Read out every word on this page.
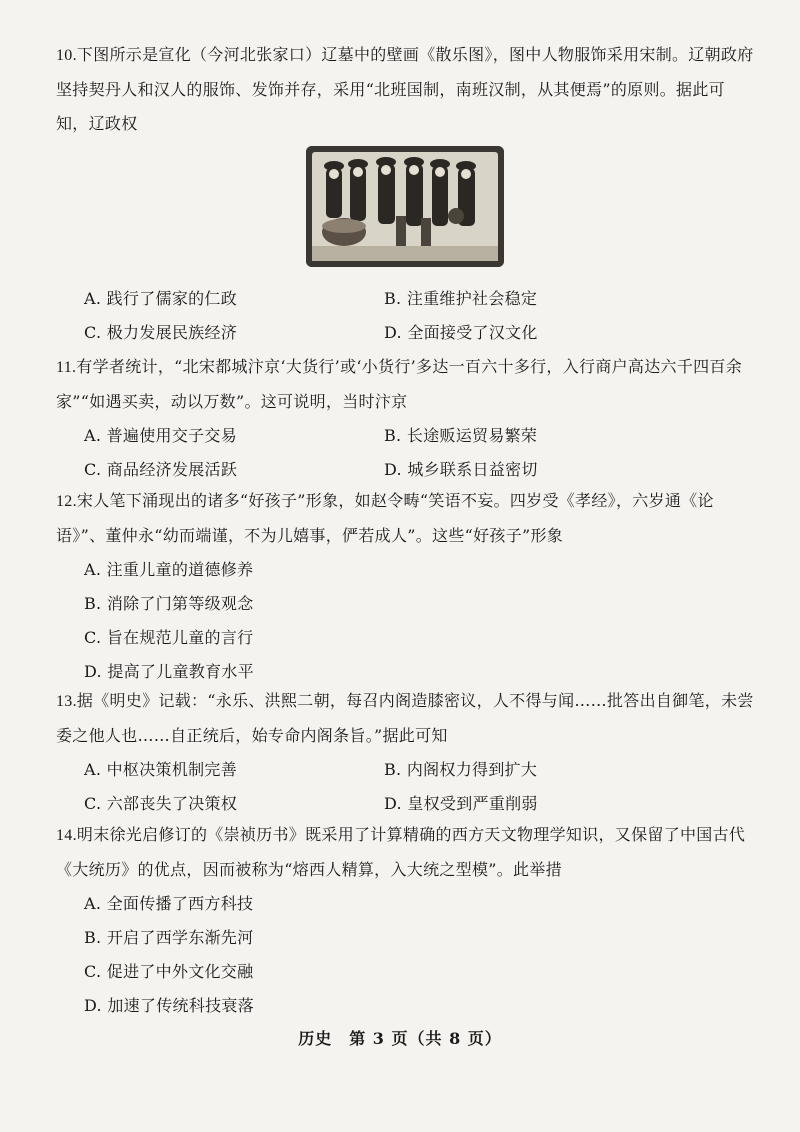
10.下图所示是宣化（今河北张家口）辽墓中的壁画《散乐图》，图中人物服饰采用宋制。辽朝政府坚持契丹人和汉人的服饰、发饰并存，采用“北班国制，南班汉制，从其便焉”的原则。据此可知，辽政权

A. 践行了儒家的仁政	B. 注重维护社会稳定
C. 极力发展民族经济	D. 全面接受了汉文化

11.有学者统计，“北宋都城汴京‘大货行’或‘小货行’多达一百六十多行，入行商户高达六千四百余家”“如遇买卖，动以万数”。这可说明，当时汴京

A. 普遍使用交子交易	B. 长途贩运贸易繁荣
C. 商品经济发展活跃	D. 城乡联系日益密切

12.宋人笔下涌现出的诸多“好孩子”形象，如赵令畴“笑语不妄。四岁受《孝经》，六岁通《论语》”、董仲永“幼而端谨，不为儿嬉事，俨若成人”。这些“好孩子”形象

A. 注重儿童的道德修养
B. 消除了门第等级观念
C. 旨在规范儿童的言行
D. 提高了儿童教育水平

13.据《明史》记载：“永乐、洪熙二朝，每召内阁造膝密议，人不得与闻……批答出自御笔，未尝委之他人也……自正统后，始专命内阁条旨。”据此可知

A. 中枢决策机制完善	B. 内阁权力得到扩大
C. 六部丧失了决策权	D. 皇权受到严重削弱

14.明末徐光启修订的《崇祯历书》既采用了计算精确的西方天文物理学知识，又保留了中国古代《大统历》的优点，因而被称为“熔西人精算，入大统之型模”。此举措

A. 全面传播了西方科技
B. 开启了西学东渐先河
C. 促进了中外文化交融
D. 加速了传统科技衰落
历史　第 3 页（共 8 页）
